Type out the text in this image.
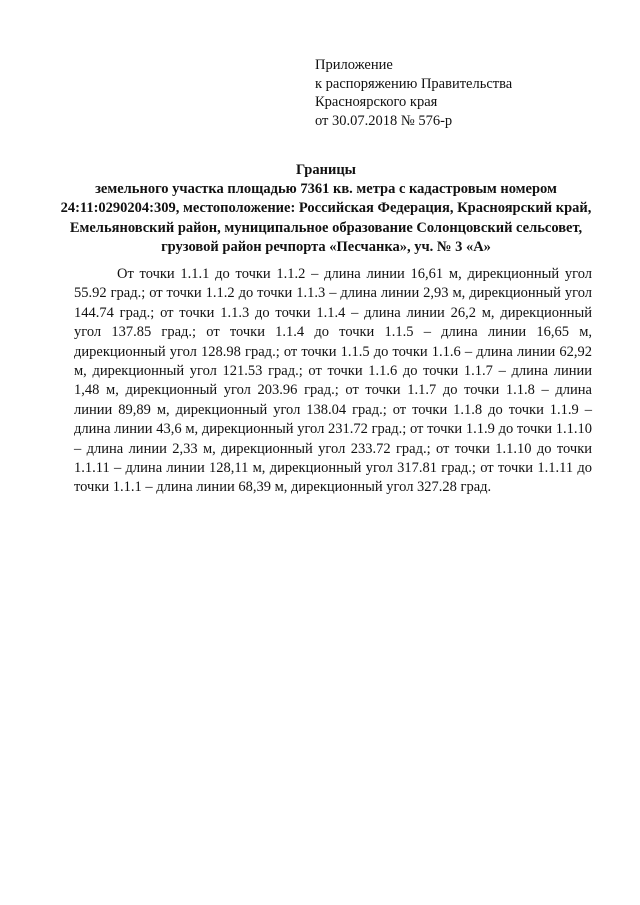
Приложение
к распоряжению Правительства
Красноярского края
от 30.07.2018 № 576-р
Границы
земельного участка площадью 7361 кв. метра с кадастровым номером 24:11:0290204:309, местоположение: Российская Федерация, Красноярский край, Емельяновский район, муниципальное образование Солонцовский сельсовет, грузовой район речпорта «Песчанка», уч. № 3 «А»

От точки 1.1.1 до точки 1.1.2 – длина линии 16,61 м, дирекционный угол 55.92 град.; от точки 1.1.2 до точки 1.1.3 – длина линии 2,93 м, дирекционный угол 144.74 град.; от точки 1.1.3 до точки 1.1.4 – длина линии 26,2 м, дирекционный угол 137.85 град.; от точки 1.1.4 до точки 1.1.5 – длина линии 16,65 м, дирекционный угол 128.98 град.; от точки 1.1.5 до точки 1.1.6 – длина линии 62,92 м, дирекционный угол 121.53 град.; от точки 1.1.6 до точки 1.1.7 – длина линии 1,48 м, дирекционный угол 203.96 град.; от точки 1.1.7 до точки 1.1.8 – длина линии 89,89 м, дирекционный угол 138.04 град.; от точки 1.1.8 до точки 1.1.9 – длина линии 43,6 м, дирекционный угол 231.72 град.; от точки 1.1.9 до точки 1.1.10 – длина линии 2,33 м, дирекционный угол 233.72 град.; от точки 1.1.10 до точки 1.1.11 – длина линии 128,11 м, дирекционный угол 317.81 град.; от точки 1.1.11 до точки 1.1.1 – длина линии 68,39 м, дирекционный угол 327.28 град.
